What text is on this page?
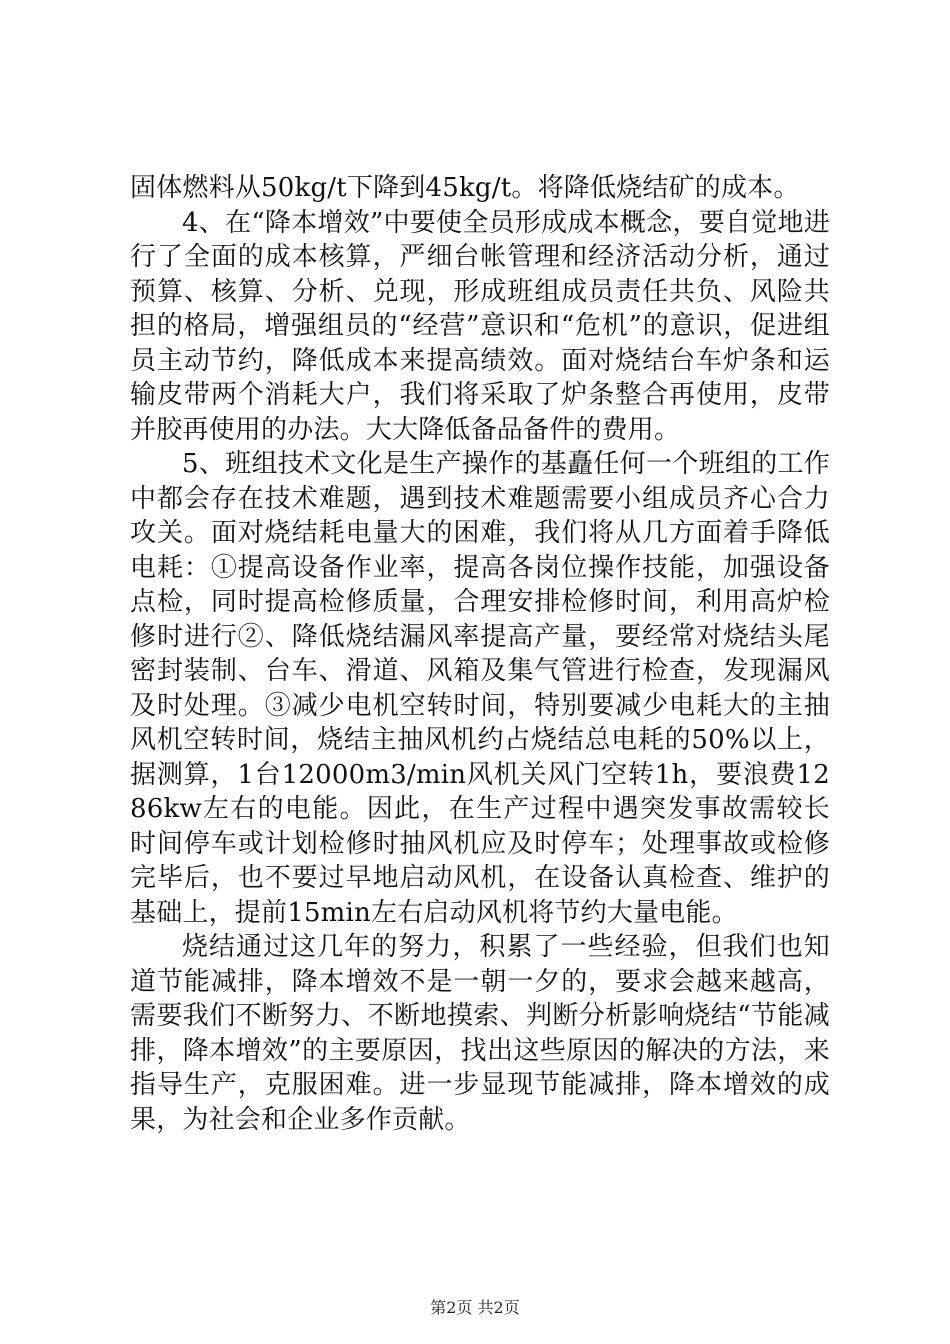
固体燃料从50kg/t下降到45kg/t。将降低烧结矿的成本。

4、在“降本增效”中要使全员形成成本概念，要自觉地进行了全面的成本核算，严细台帐管理和经济活动分析，通过预算、核算、分析、兑现，形成班组成员责任共负、风险共担的格局，增强组员的“经营”意识和“危机”的意识，促进组员主动节约，降低成本来提高绩效。面对烧结台车炉条和运输皮带两个消耗大户，我们将采取了炉条整合再使用，皮带并胶再使用的办法。大大降低备品备件的费用。

5、班组技术文化是生产操作的基矗任何一个班组的工作中都会存在技术难题，遇到技术难题需要小组成员齐心合力攻关。面对烧结耗电量大的困难，我们将从几方面着手降低电耗：①提高设备作业率，提高各岗位操作技能，加强设备点检，同时提高检修质量，合理安排检修时间，利用高炉检修时进行②、降低烧结漏风率提高产量，要经常对烧结头尾密封装制、台车、滑道、风箱及集气管进行检查，发现漏风及时处理。③减少电机空转时间，特别要减少电耗大的主抽风机空转时间，烧结主抽风机约占烧结总电耗的50%以上，据测算，1台12000m3/min风机关风门空转1h，要浪费1286kw左右的电能。因此，在生产过程中遇突发事故需较长时间停车或计划检修时抽风机应及时停车；处理事故或检修完毕后，也不要过早地启动风机，在设备认真检查、维护的基础上，提前15min左右启动风机将节约大量电能。

烧结通过这几年的努力，积累了一些经验，但我们也知道节能减排，降本增效不是一朝一夕的，要求会越来越高，需要我们不断努力、不断地摸索、判断分析影响烧结“节能减排，降本增效”的主要原因，找出这些原因的解决的方法，来指导生产，克服困难。进一步显现节能减排，降本增效的成果，为社会和企业多作贡献。

第2页 共2页
